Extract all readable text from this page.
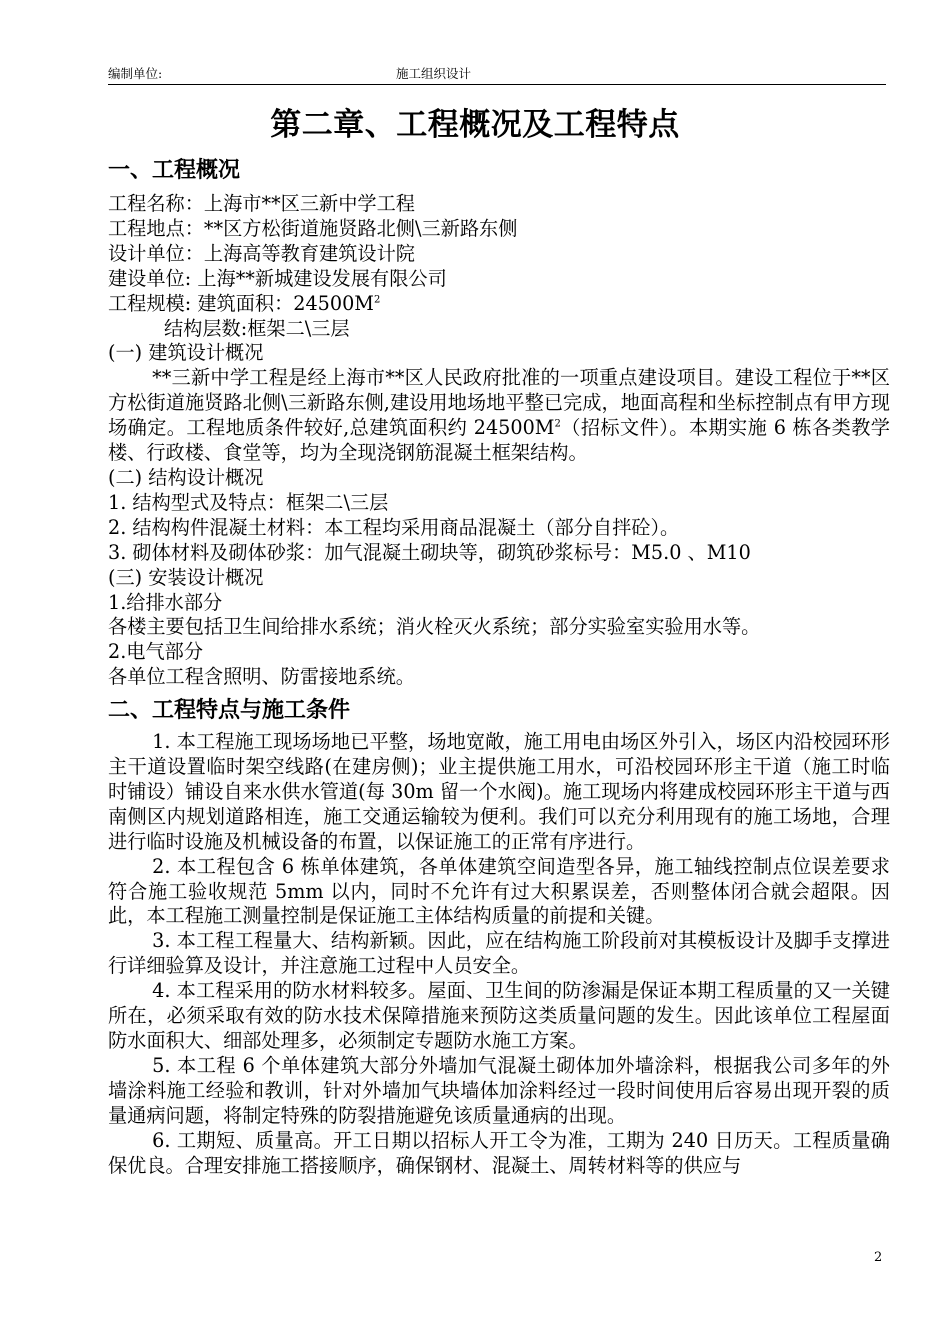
编制单位:	施工组织设计
第二章、工程概况及工程特点
一、工程概况

工程名称：上海市**区三新中学工程

工程地点：**区方松街道施贤路北侧\三新路东侧

设计单位：上海高等教育建筑设计院

建设单位: 上海**新城建设发展有限公司

工程规模: 建筑面积：$24500M^2$

结构层数:框架二\三层

(一) 建筑设计概况

**三新中学工程是经上海市**区人民政府批准的一项重点建设项目。建设工程位于**区方松街道施贤路北侧\三新路东侧,建设用地场地平整已完成，地面高程和坐标控制点有甲方现场确定。工程地质条件较好,总建筑面积约 $24500M^2$（招标文件）。本期实施 6 栋各类教学楼、行政楼、食堂等，均为全现浇钢筋混凝土框架结构。

(二) 结构设计概况

1. 结构型式及特点：框架二\三层

2. 结构构件混凝土材料：本工程均采用商品混凝土（部分自拌砼）。

3. 砌体材料及砌体砂浆：加气混凝土砌块等，砌筑砂浆标号：M5.0 、M10

(三) 安装设计概况

1.给排水部分

各楼主要包括卫生间给排水系统；消火栓灭火系统；部分实验室实验用水等。

2.电气部分

各单位工程含照明、防雷接地系统。

二、工程特点与施工条件

1. 本工程施工现场场地已平整，场地宽敞，施工用电由场区外引入，场区内沿校园环形主干道设置临时架空线路(在建房侧)；业主提供施工用水，可沿校园环形主干道（施工时临时铺设）铺设自来水供水管道(每 30m 留一个水阀)。施工现场内将建成校园环形主干道与西南侧区内规划道路相连，施工交通运输较为便利。我们可以充分利用现有的施工场地，合理进行临时设施及机械设备的布置，以保证施工的正常有序进行。

2. 本工程包含 6 栋单体建筑，各单体建筑空间造型各异，施工轴线控制点位误差要求符合施工验收规范 5mm 以内，同时不允许有过大积累误差，否则整体闭合就会超限。因此，本工程施工测量控制是保证施工主体结构质量的前提和关键。

3. 本工程工程量大、结构新颖。因此，应在结构施工阶段前对其模板设计及脚手支撑进行详细验算及设计，并注意施工过程中人员安全。

4. 本工程采用的防水材料较多。屋面、卫生间的防渗漏是保证本期工程质量的又一关键所在，必须采取有效的防水技术保障措施来预防这类质量问题的发生。因此该单位工程屋面防水面积大、细部处理多，必须制定专题防水施工方案。

5. 本工程 6 个单体建筑大部分外墙加气混凝土砌体加外墙涂料，根据我公司多年的外墙涂料施工经验和教训，针对外墙加气块墙体加涂料经过一段时间使用后容易出现开裂的质量通病问题，将制定特殊的防裂措施避免该质量通病的出现。

6. 工期短、质量高。开工日期以招标人开工令为准，工期为 240 日历天。工程质量确保优良。合理安排施工搭接顺序，确保钢材、混凝土、周转材料等的供应与

2
